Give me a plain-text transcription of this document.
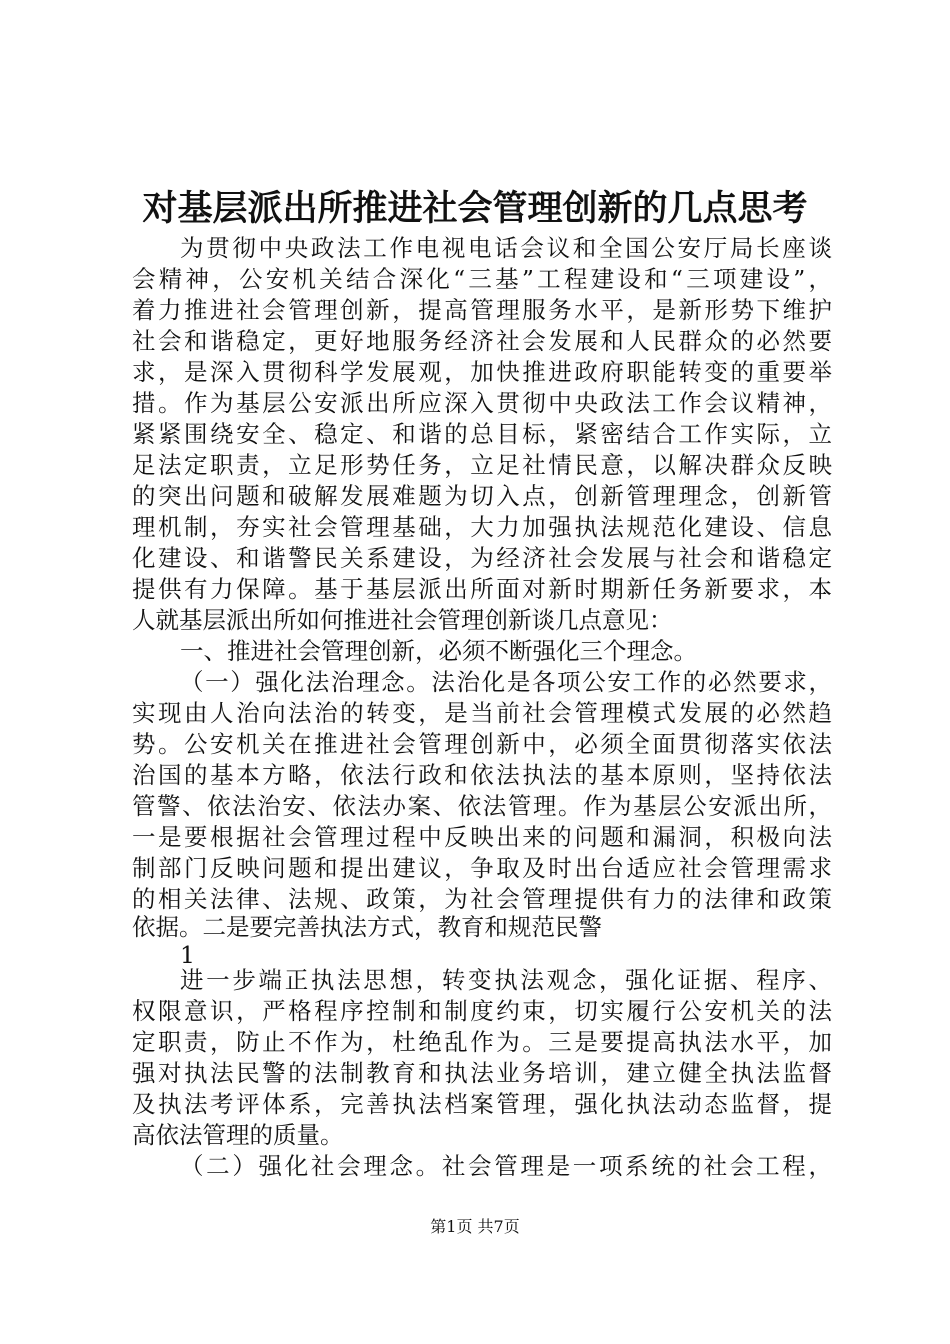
对基层派出所推进社会管理创新的几点思考

为贯彻中央政法工作电视电话会议和全国公安厅局长座谈

会精神，公安机关结合深化“三基”工程建设和“三项建设”，

着力推进社会管理创新，提高管理服务水平，是新形势下维护

社会和谐稳定，更好地服务经济社会发展和人民群众的必然要

求，是深入贯彻科学发展观，加快推进政府职能转变的重要举

措。作为基层公安派出所应深入贯彻中央政法工作会议精神，

紧紧围绕安全、稳定、和谐的总目标，紧密结合工作实际，立

足法定职责，立足形势任务，立足社情民意，以解决群众反映

的突出问题和破解发展难题为切入点，创新管理理念，创新管

理机制，夯实社会管理基础，大力加强执法规范化建设、信息

化建设、和谐警民关系建设，为经济社会发展与社会和谐稳定

提供有力保障。基于基层派出所面对新时期新任务新要求，本

人就基层派出所如何推进社会管理创新谈几点意见：

一、推进社会管理创新，必须不断强化三个理念。

（一）强化法治理念。法治化是各项公安工作的必然要求，

实现由人治向法治的转变，是当前社会管理模式发展的必然趋

势。公安机关在推进社会管理创新中，必须全面贯彻落实依法

治国的基本方略，依法行政和依法执法的基本原则，坚持依法

管警、依法治安、依法办案、依法管理。作为基层公安派出所，

一是要根据社会管理过程中反映出来的问题和漏洞，积极向法

制部门反映问题和提出建议，争取及时出台适应社会管理需求

的相关法律、法规、政策，为社会管理提供有力的法律和政策

依据。二是要完善执法方式，教育和规范民警

1

进一步端正执法思想，转变执法观念，强化证据、程序、

权限意识，严格程序控制和制度约束，切实履行公安机关的法

定职责，防止不作为，杜绝乱作为。三是要提高执法水平，加

强对执法民警的法制教育和执法业务培训，建立健全执法监督

及执法考评体系，完善执法档案管理，强化执法动态监督，提

高依法管理的质量。

（二）强化社会理念。社会管理是一项系统的社会工程，

第1页 共7页
